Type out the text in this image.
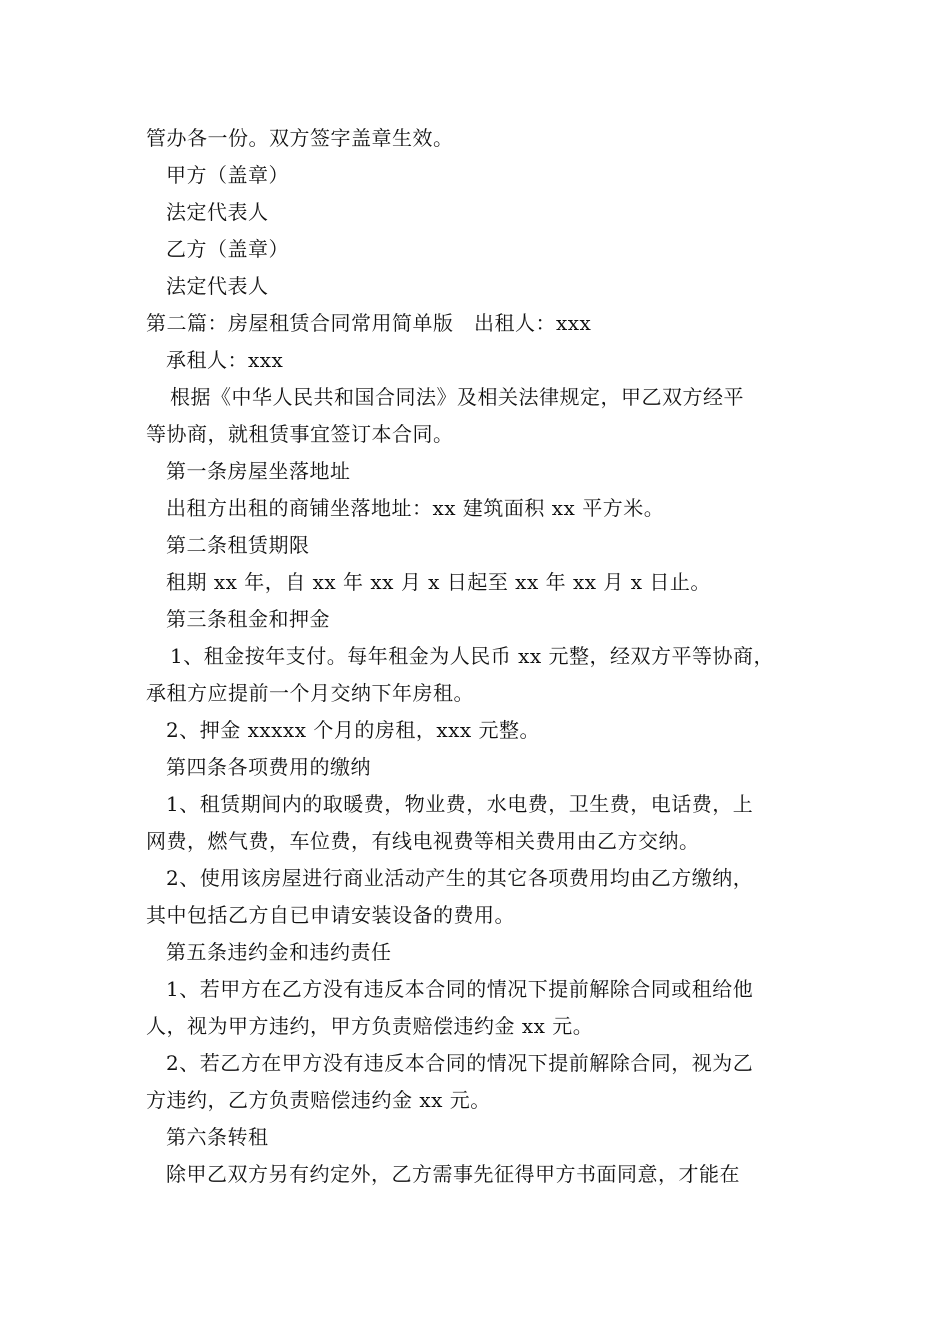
管办各一份。双方签字盖章生效。
甲方（盖章）
法定代表人
乙方（盖章）
法定代表人
第二篇：房屋租赁合同常用简单版　出租人：xxx
承租人：xxx
根据《中华人民共和国合同法》及相关法律规定，甲乙双方经平
等协商，就租赁事宜签订本合同。
第一条房屋坐落地址
出租方出租的商铺坐落地址：xx 建筑面积 xx 平方米。
第二条租赁期限
租期 xx 年，自 xx 年 xx 月 x 日起至 xx 年 xx 月 x 日止。
第三条租金和押金
1、租金按年支付。每年租金为人民币 xx 元整，经双方平等协商，
承租方应提前一个月交纳下年房租。
2、押金 xxxxx 个月的房租，xxx 元整。
第四条各项费用的缴纳
1、租赁期间内的取暖费，物业费，水电费，卫生费，电话费，上
网费，燃气费，车位费，有线电视费等相关费用由乙方交纳。
2、使用该房屋进行商业活动产生的其它各项费用均由乙方缴纳，
其中包括乙方自已申请安装设备的费用。
第五条违约金和违约责任
1、若甲方在乙方没有违反本合同的情况下提前解除合同或租给他
人，视为甲方违约，甲方负责赔偿违约金 xx 元。
2、若乙方在甲方没有违反本合同的情况下提前解除合同，视为乙
方违约，乙方负责赔偿违约金 xx 元。
第六条转租
除甲乙双方另有约定外，乙方需事先征得甲方书面同意，才能在
